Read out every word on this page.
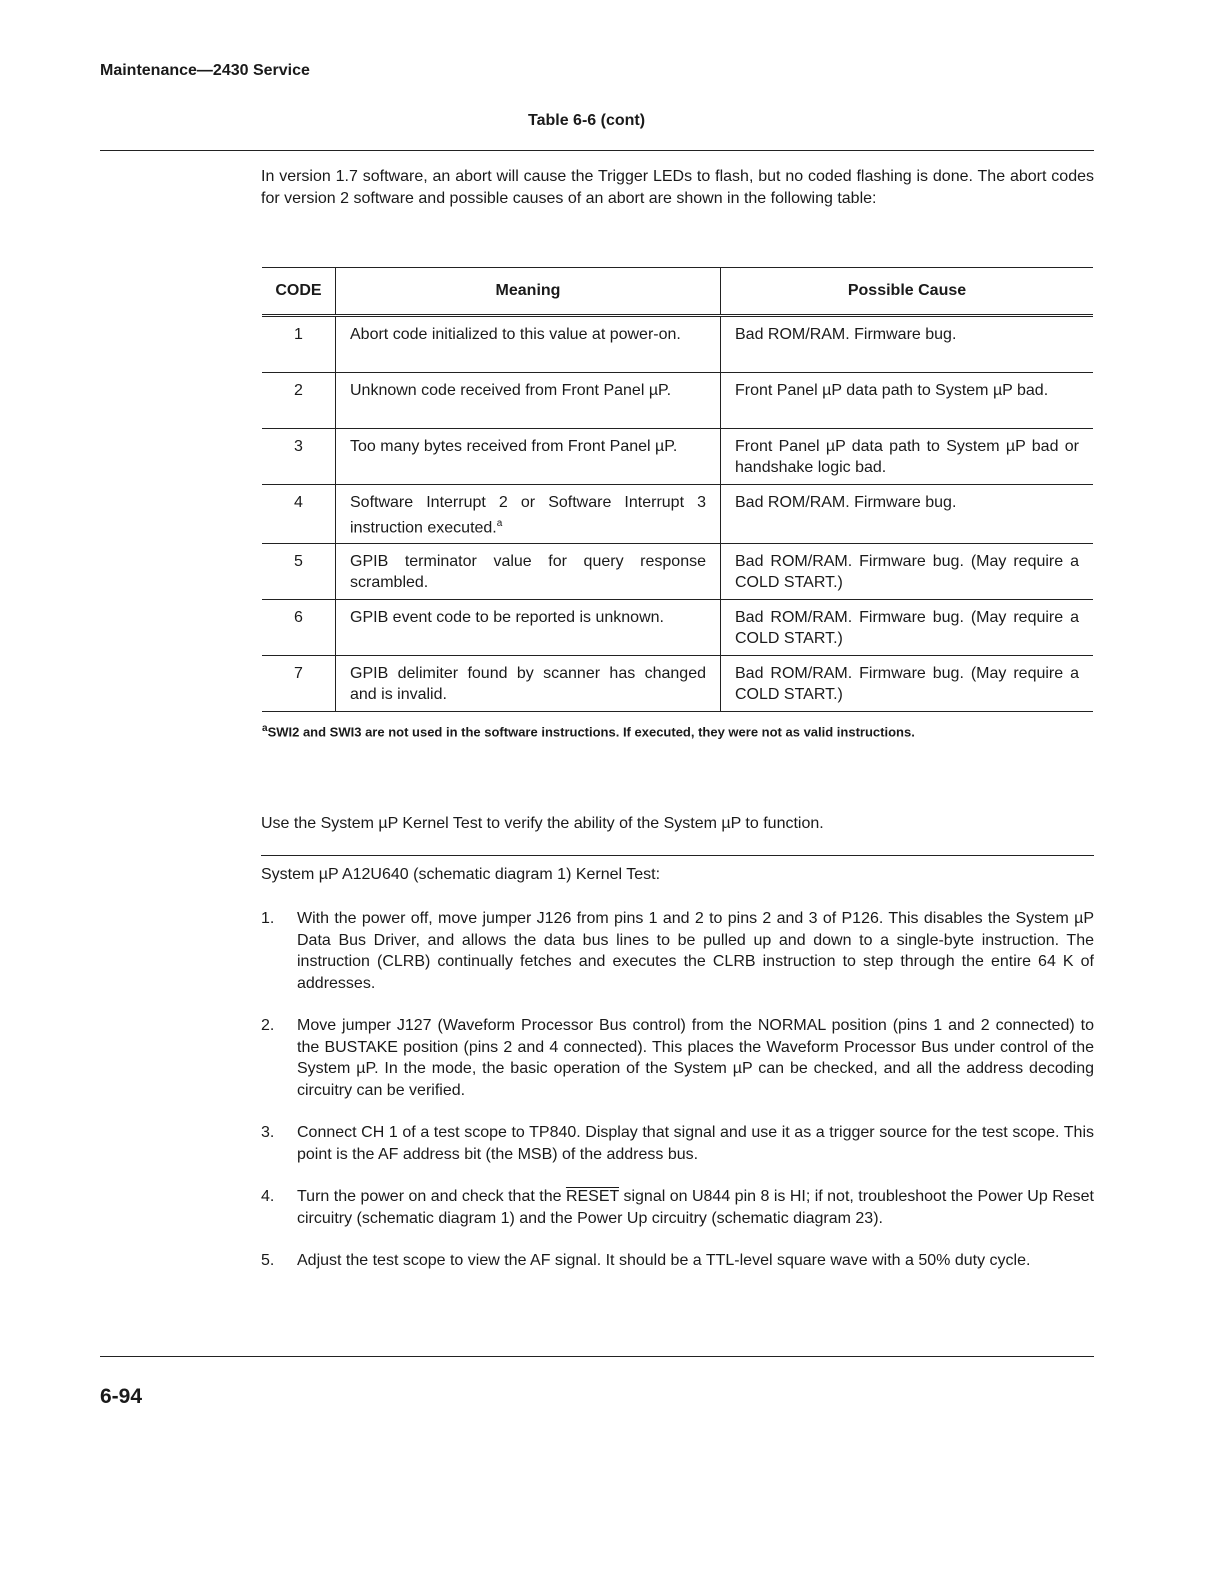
Maintenance—2430 Service
Table 6-6 (cont)
In version 1.7 software, an abort will cause the Trigger LEDs to flash, but no coded flashing is done. The abort codes for version 2 software and possible causes of an abort are shown in the following table:
CODE	Meaning	Possible Cause
1	Abort code initialized to this value at power-on.	Bad ROM/RAM. Firmware bug.
2	Unknown code received from Front Panel µP.	Front Panel µP data path to System µP bad.
3	Too many bytes received from Front Panel µP.	Front Panel µP data path to System µP bad or handshake logic bad.
4	Software Interrupt 2 or Software Interrupt 3 instruction executed.$^a$	Bad ROM/RAM. Firmware bug.
5	GPIB terminator value for query response scrambled.	Bad ROM/RAM. Firmware bug. (May require a COLD START.)
6	GPIB event code to be reported is unknown.	Bad ROM/RAM. Firmware bug. (May require a COLD START.)
7	GPIB delimiter found by scanner has changed and is invalid.	Bad ROM/RAM. Firmware bug. (May require a COLD START.)
$^a$SWI2 and SWI3 are not used in the software instructions. If executed, they were not as valid instructions.
Use the System µP Kernel Test to verify the ability of the System µP to function.
System µP A12U640 (schematic diagram 1) Kernel Test:
1.	With the power off, move jumper J126 from pins 1 and 2 to pins 2 and 3 of P126. This disables the System µP Data Bus Driver, and allows the data bus lines to be pulled up and down to a single-byte instruction. The instruction (CLRB) continually fetches and executes the CLRB instruction to step through the entire 64 K of addresses.
2.	Move jumper J127 (Waveform Processor Bus control) from the NORMAL position (pins 1 and 2 connected) to the BUSTAKE position (pins 2 and 4 connected). This places the Waveform Processor Bus under control of the System µP. In the mode, the basic operation of the System µP can be checked, and all the address decoding circuitry can be verified.
3.	Connect CH 1 of a test scope to TP840. Display that signal and use it as a trigger source for the test scope. This point is the AF address bit (the MSB) of the address bus.
4.	Turn the power on and check that the RESET signal on U844 pin 8 is HI; if not, troubleshoot the Power Up Reset circuitry (schematic diagram 1) and the Power Up circuitry (schematic diagram 23).
5.	Adjust the test scope to view the AF signal. It should be a TTL-level square wave with a 50% duty cycle.
6-94
